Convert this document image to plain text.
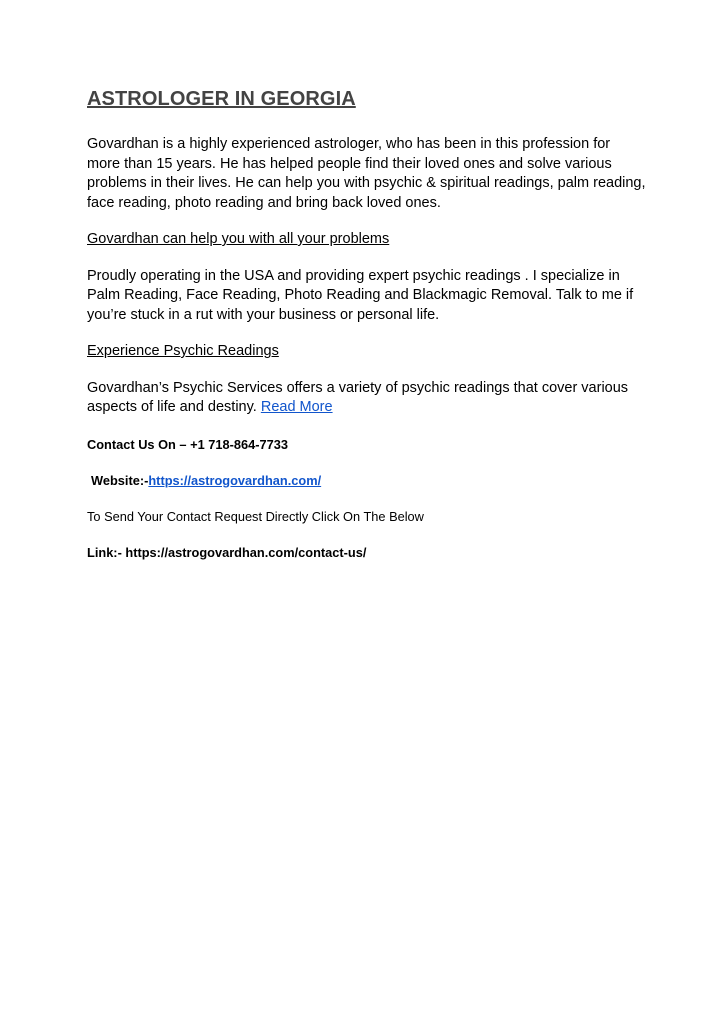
ASTROLOGER IN GEORGIA

Govardhan is a highly experienced astrologer, who has been in this profession for more than 15 years. He has helped people find their loved ones and solve various problems in their lives. He can help you with psychic & spiritual readings, palm reading, face reading, photo reading and bring back loved ones.

Govardhan can help you with all your problems

Proudly operating in the USA and providing expert psychic readings . I specialize in Palm Reading, Face Reading, Photo Reading and Blackmagic Removal. Talk to me if you’re stuck in a rut with your business or personal life.

Experience Psychic Readings

Govardhan’s Psychic Services offers a variety of psychic readings that cover various aspects of life and destiny. Read More

Contact Us On – +1 718-864-7733

Website:-https://astrogovardhan.com/

To Send Your Contact Request Directly Click On The Below

Link:- https://astrogovardhan.com/contact-us/
